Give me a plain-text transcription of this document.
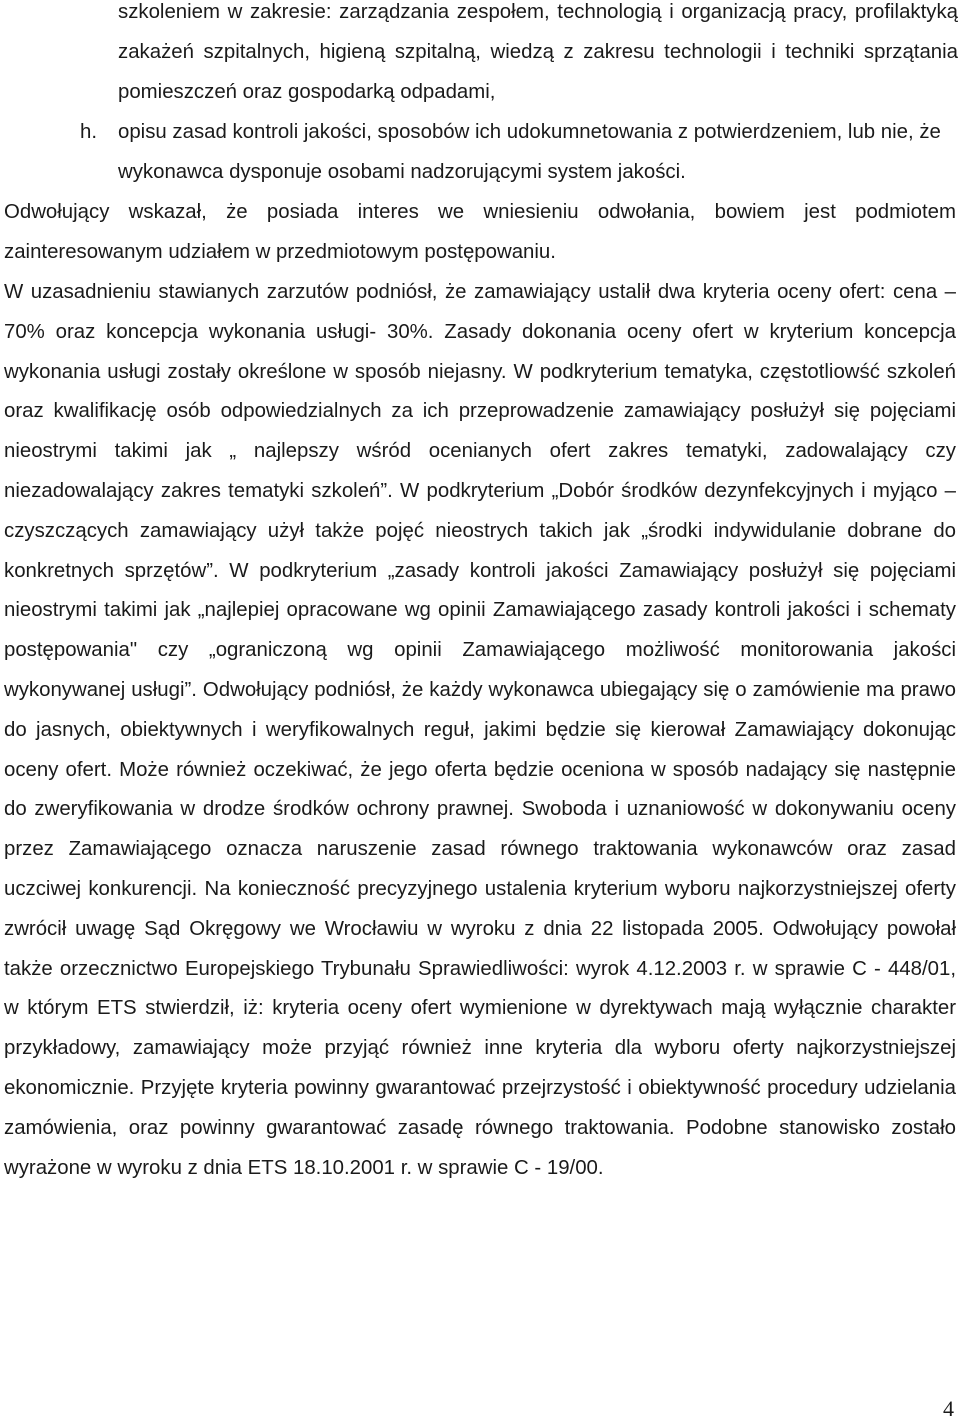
szkoleniem w zakresie: zarządzania zespołem, technologią i organizacją pracy, profilaktyką zakażeń szpitalnych, higieną szpitalną, wiedzą z zakresu technologii i techniki sprzątania pomieszczeń oraz gospodarką odpadami,
h. opisu zasad kontroli jakości, sposobów ich udokumnetowania z potwierdzeniem, lub nie, że wykonawca dysponuje osobami nadzorującymi system jakości.
Odwołujący wskazał, że posiada interes we wniesieniu odwołania, bowiem jest podmiotem zainteresowanym udziałem w przedmiotowym postępowaniu.
W uzasadnieniu stawianych zarzutów podniósł, że zamawiający ustalił dwa kryteria oceny ofert: cena – 70% oraz koncepcja wykonania usługi- 30%. Zasady dokonania oceny ofert w kryterium koncepcja wykonania usługi zostały określone w sposób niejasny. W podkryterium tematyka, częstotliowść szkoleń oraz kwalifikację osób odpowiedzialnych za ich przeprowadzenie zamawiający posłużył się pojęciami nieostrymi takimi jak „ najlepszy wśród ocenianych ofert zakres tematyki, zadowalający czy niezadowalający zakres tematyki szkoleń”. W podkryterium „Dobór środków dezynfekcyjnych i myjąco – czyszczących zamawiający użył także pojęć nieostrych takich jak „środki indywidulanie dobrane do konkretnych sprzętów”. W podkryterium „zasady kontroli jakości Zamawiający posłużył się pojęciami nieostrymi takimi jak „najlepiej opracowane wg opinii Zamawiającego zasady kontroli jakości i schematy postępowania" czy „ograniczoną wg opinii Zamawiającego możliwość monitorowania jakości wykonywanej usługi”. Odwołujący podniósł, że każdy wykonawca ubiegający się o zamówienie ma prawo do jasnych, obiektywnych i weryfikowalnych reguł, jakimi będzie się kierował Zamawiający dokonując oceny ofert. Może również oczekiwać, że jego oferta będzie oceniona w sposób nadający się następnie do zweryfikowania w drodze środków ochrony prawnej. Swoboda i uznaniowość w dokonywaniu oceny przez Zamawiającego oznacza naruszenie zasad równego traktowania wykonawców oraz zasad uczciwej konkurencji. Na konieczność precyzyjnego ustalenia kryterium wyboru najkorzystniejszej oferty zwrócił uwagę Sąd Okręgowy we Wrocławiu w wyroku z dnia 22 listopada 2005. Odwołujący powołał także orzecznictwo Europejskiego Trybunału Sprawiedliwości: wyrok 4.12.2003 r. w sprawie C - 448/01, w którym ETS stwierdził, iż: kryteria oceny ofert wymienione w dyrektywach mają wyłącznie charakter przykładowy, zamawiający może przyjąć również inne kryteria dla wyboru oferty najkorzystniejszej ekonomicznie. Przyjęte kryteria powinny gwarantować przejrzystość i obiektywność procedury udzielania zamówienia, oraz powinny gwarantować zasadę równego traktowania. Podobne stanowisko zostało wyrażone w wyroku z dnia ETS 18.10.2001 r. w sprawie C - 19/00.
4
